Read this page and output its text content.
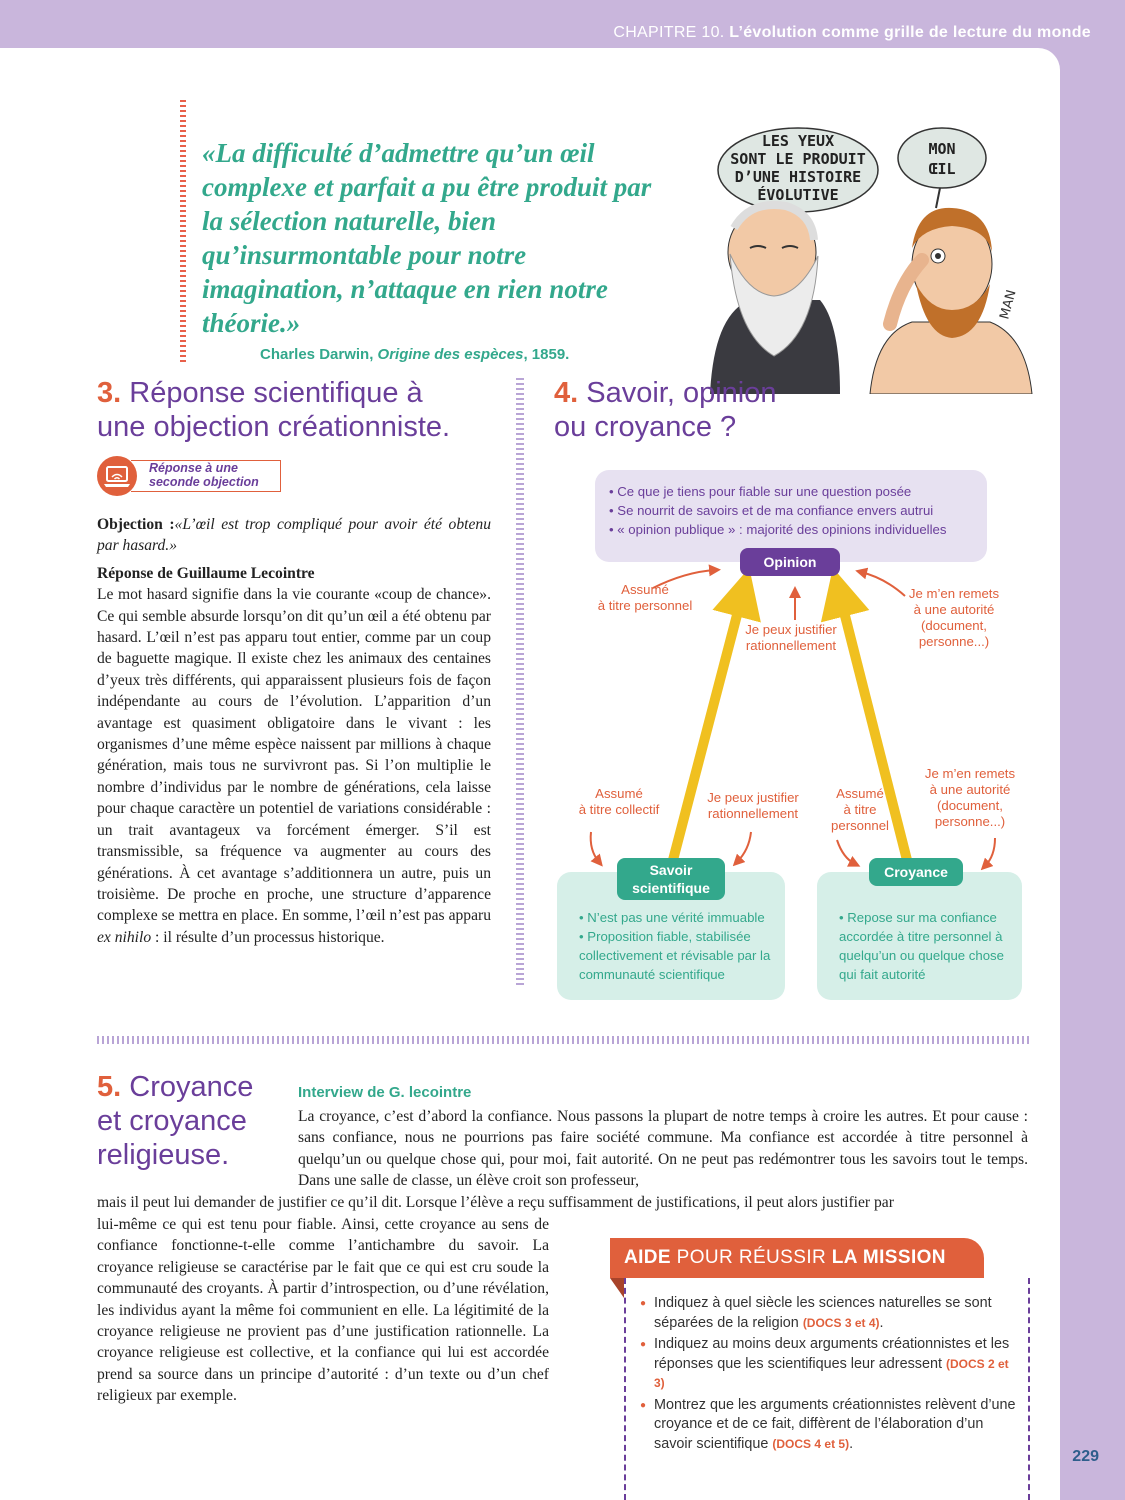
CHAPITRE 10. L’évolution comme grille de lecture du monde
«La difficulté d’admettre qu’un œil complexe et parfait a pu être produit par la sélection naturelle, bien qu’insurmontable pour notre imagination, n’attaque en rien notre théorie.»
Charles Darwin, Origine des espèces, 1859.
LES YEUX
SONT LE PRODUIT
D’UNE HISTOIRE
ÉVOLUTIVE
MON
ŒIL
MAN
3. Réponse scientifique à
une objection créationniste.
Réponse à une
seconde objection

Objection :«L’œil est trop compliqué pour avoir été obtenu par hasard.»

Réponse de Guillaume Lecointre

Le mot hasard signifie dans la vie courante «coup de chance». Ce qui semble absurde lorsqu’on dit qu’un œil a été obtenu par hasard. L’œil n’est pas apparu tout entier, comme par un coup de baguette magique. Il existe chez les animaux des centaines d’yeux très différents, qui apparaissent plusieurs fois de façon indépendante au cours de l’évolution. L’apparition d’un avantage est quasiment obligatoire dans le vivant : les organismes d’une même espèce naissent par millions à chaque génération, mais tous ne survivront pas. Si l’on multiplie le nombre d’individus par le nombre de générations, cela laisse pour chaque caractère un potentiel de variations considérable : un trait avantageux va forcément émerger. S’il est transmissible, sa fréquence va augmenter au cours des générations. À cet avantage s’additionnera un autre, puis un troisième. De proche en proche, une structure d’apparence complexe se mettra en place. En somme, l’œil n’est pas apparu ex nihilo : il résulte d’un processus historique.

4. Savoir, opinion
ou croyance ?
• Ce que je tiens pour fiable sur une question posée
• Se nourrit de savoirs et de ma confiance envers autrui
• « opinion publique » : majorité des opinions individuelles
• N’est pas une vérité immuable
• Proposition fiable, stabilisée collectivement et révisable par la communauté scientifique
• Repose sur ma confiance accordée à titre personnel à quelqu’un ou quelque chose qui fait autorité
Opinion
Savoir
scientifique
Croyance
Assumé
à titre personnel
Je peux justifier
rationnellement
Je m’en remets
à une autorité
(document,
personne...)
Assumé
à titre collectif
Je peux justifier
rationnellement
Assumé
à titre
personnel
Je m’en remets
à une autorité
(document,
personne...)
5. Croyance
et croyance
religieuse.
Interview de G. lecointre
La croyance, c’est d’abord la confiance. Nous passons la plupart de notre temps à croire les autres. Et pour cause : sans confiance, nous ne pourrions pas faire société commune. Ma confiance est accordée à titre personnel à quelqu’un ou quelque chose qui, pour moi, fait autorité. On ne peut pas redémontrer tous les savoirs tout le temps. Dans une salle de classe, un élève croit son professeur,
mais il peut lui demander de justifier ce qu’il dit. Lorsque l’élève a reçu suffisamment de justifications, il peut alors justifier par
lui-même ce qui est tenu pour fiable. Ainsi, cette croyance au sens de confiance fonctionne-t-elle comme l’antichambre du savoir. La croyance religieuse se caractérise par le fait que ce qui est cru soude la communauté des croyants. À partir d’introspection, ou d’une révélation, les individus ayant la même foi communient en elle. La légitimité de la croyance religieuse ne provient pas d’une justification rationnelle. La croyance religieuse est collective, et la confiance qui lui est accordée prend sa source dans un principe d’autorité : d’un texte ou d’un chef religieux par exemple.
AIDE POUR RÉUSSIR LA MISSION
● Indiquez à quel siècle les sciences naturelles se sont séparées de la religion (DOCS 3 et 4).
● Indiquez au moins deux arguments créationnistes et les réponses que les scientifiques leur adressent (DOCS 2 et 3)
● Montrez que les arguments créationnistes relèvent d’une croyance et de ce fait, diffèrent de l’élaboration d’un savoir scientifique (DOCS 4 et 5).
229
